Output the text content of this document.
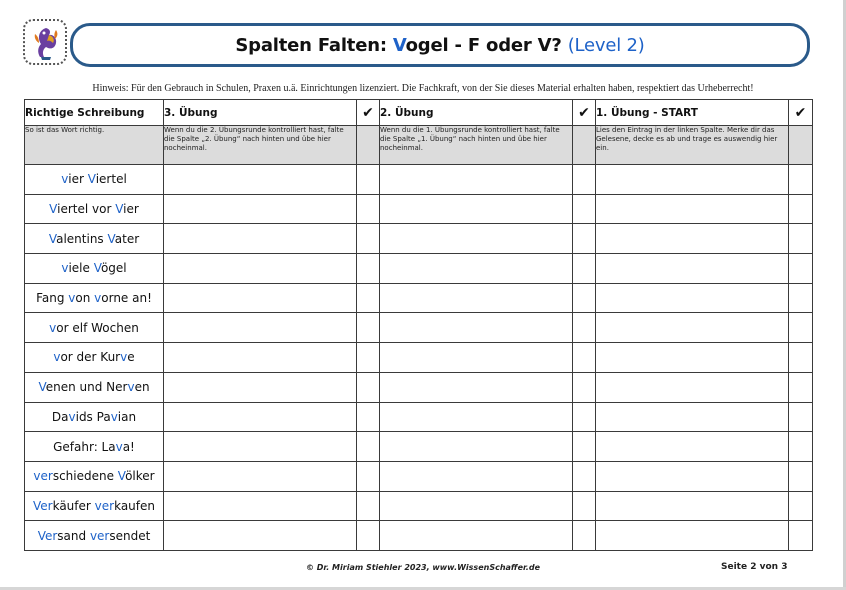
Spalten Falten: Vogel - F oder V? (Level 2)
Hinweis: Für den Gebrauch in Schulen, Praxen u.ä. Einrichtungen lizenziert. Die Fachkraft, von der Sie dieses Material erhalten haben, respektiert das Urheberrecht!
Richtige Schreibung	3. Übung	✔	2. Übung	✔	1. Übung - START	✔
So ist das Wort richtig.	Wenn du die 2. Übungsrunde kontrolliert hast, falte die Spalte „2. Übung“ nach hinten und übe hier nocheinmal.		Wenn du die 1. Übungsrunde kontrolliert hast, falte die Spalte „1. Übung“ nach hinten und übe hier nocheinmal.		Lies den Eintrag in der linken Spalte. Merke dir das Gelesene, decke es ab und trage es auswendig hier ein.	
vier Viertel						
Viertel vor Vier						
Valentins Vater						
viele Vögel						
Fang von vorne an!						
vor elf Wochen						
vor der Kurve						
Venen und Nerven						
Davids Pavian						
Gefahr: Lava!						
verschiedene Völker						
Verkäufer verkaufen						
Versand versendet						
© Dr. Miriam Stiehler 2023, www.WissenSchaffer.de	Seite 2 von 3
